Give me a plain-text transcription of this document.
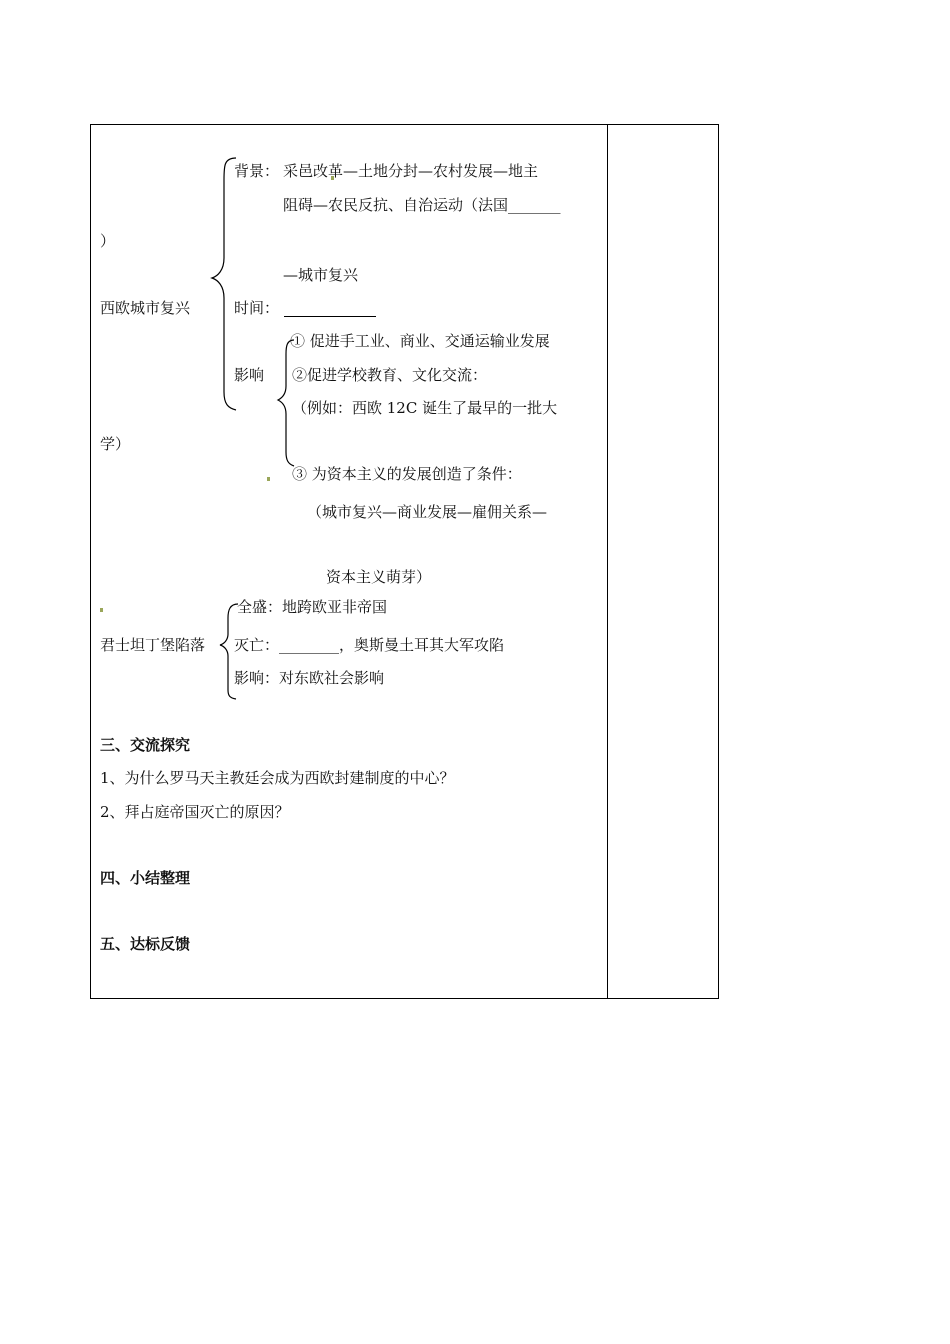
背景： 采邑改革—土地分封—农村发展—地主
阻碍—农民反抗、自治运动（法国_______
）
—城市复兴
西欧城市复兴	时间：
① 促进手工业、商业、交通运输业发展
影响 ②促进学校教育、文化交流：
（例如：西欧 12C 诞生了最早的一批大
学）
③ 为资本主义的发展创造了条件：
（城市复兴—商业发展—雇佣关系—
资本主义萌芽）
全盛：地跨欧亚非帝国
君士坦丁堡陷落 灭亡：________，奥斯曼土耳其大军攻陷
影响：对东欧社会影响
三、交流探究
1、为什么罗马天主教廷会成为西欧封建制度的中心？
2、拜占庭帝国灭亡的原因？
四、小结整理
五、达标反馈
